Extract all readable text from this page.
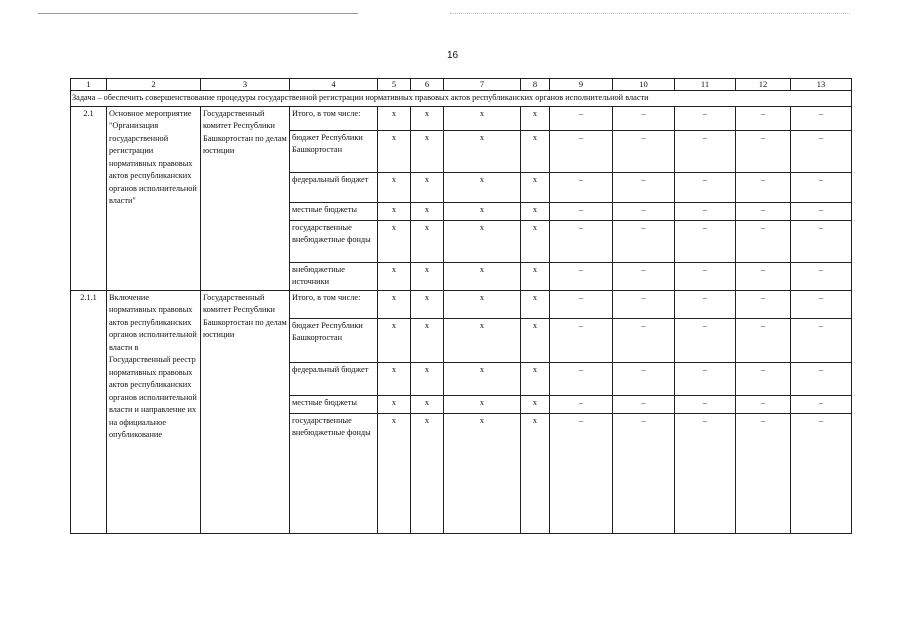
16
1	2	3	4	5	6	7	8	9	10	11	12	13
Задача – обеспечить совершенствование процедуры государственной регистрации нормативных правовых актов республиканских органов исполнительной власти												
2.1	Основное мероприятие "Организация государственной регистрации нормативных правовых актов республиканских органов исполнительной власти"	Государственный комитет Республики Башкортостан по делам юстиции	Итого, в том числе:	х	х	х	х	–	–	–	–	–
			бюджет Республики Башкортостан	х	х	х	х	–	–	–	–	–
			федеральный бюджет	х	х	х	х	–	–	–	–	–
			местные бюджеты	х	х	х	х	–	–	–	–	–
			государственные внебюджетные фонды	х	х	х	х	–	–	–	–	–
			внебюджетные источники	х	х	х	х	–	–	–	–	–
2.1.1	Включение нормативных правовых актов республиканских органов исполнительной власти в Государственный реестр нормативных правовых актов республиканских органов исполнительной власти и направление их на официальное опубликование	Государственный комитет Республики Башкортостан по делам юстиции	Итого, в том числе:	х	х	х	х	–	–	–	–	–
			бюджет Республики Башкортостан	х	х	х	х	–	–	–	–	–
			федеральный бюджет	х	х	х	х	–	–	–	–	–
			местные бюджеты	х	х	х	х	–	–	–	–	–
			государственные внебюджетные фонды	х	х	х	х	–	–	–	–	–
